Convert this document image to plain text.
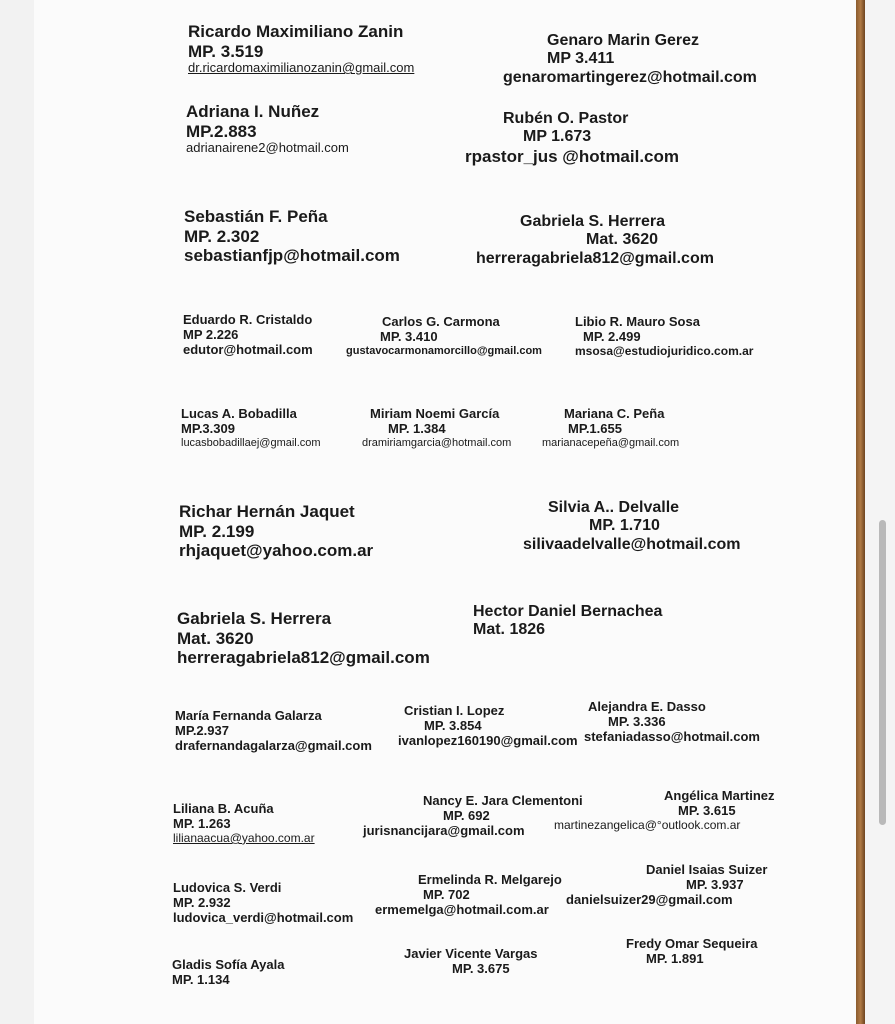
Ricardo Maximiliano Zanin
MP. 3.519
dr.ricardomaximilianozanin@gmail.com
Genaro Marin Gerez
MP 3.411
genaromartingerez@hotmail.com
Adriana I. Nuñez
MP.2.883
adrianairene2@hotmail.com
Rubén O. Pastor
MP 1.673
rpastor_jus @hotmail.com
Sebastián F. Peña
MP. 2.302
sebastianfjp@hotmail.com
Gabriela S. Herrera
Mat. 3620
herreragabriela812@gmail.com
Eduardo R. Cristaldo
MP 2.226
edutor@hotmail.com
Carlos G. Carmona
MP. 3.410
gustavocarmonamorcillo@gmail.com
Libio R. Mauro Sosa
MP. 2.499
msosa@estudiojuridico.com.ar
Lucas A. Bobadilla
MP.3.309
lucasbobadillaej@gmail.com
Miriam Noemi García
MP. 1.384
dramiriamgarcia@hotmail.com
Mariana C. Peña
MP.1.655
marianacepeña@gmail.com
Richar Hernán Jaquet
MP. 2.199
rhjaquet@yahoo.com.ar
Silvia A.. Delvalle
MP. 1.710
silivaadelvalle@hotmail.com
Gabriela S. Herrera
Mat. 3620
herreragabriela812@gmail.com
Hector Daniel Bernachea
Mat. 1826
María Fernanda Galarza
MP.2.937
drafernandagalarza@gmail.com
Cristian I. Lopez
MP. 3.854
ivanlopez160190@gmail.com
Alejandra E. Dasso
MP. 3.336
stefaniadasso@hotmail.com
Liliana B. Acuña
MP. 1.263
lilianaacua@yahoo.com.ar
Nancy E. Jara Clementoni
MP. 692
jurisnancijara@gmail.com
Angélica Martinez
MP. 3.615
martinezangelica@°outlook.com.ar
Ludovica S. Verdi
MP. 2.932
ludovica_verdi@hotmail.com
Ermelinda R. Melgarejo
MP. 702
ermemelga@hotmail.com.ar
Daniel Isaias Suizer
MP. 3.937
danielsuizer29@gmail.com
Gladis Sofía Ayala
MP. 1.134
Javier Vicente Vargas
MP. 3.675
Fredy Omar Sequeira
MP. 1.891
